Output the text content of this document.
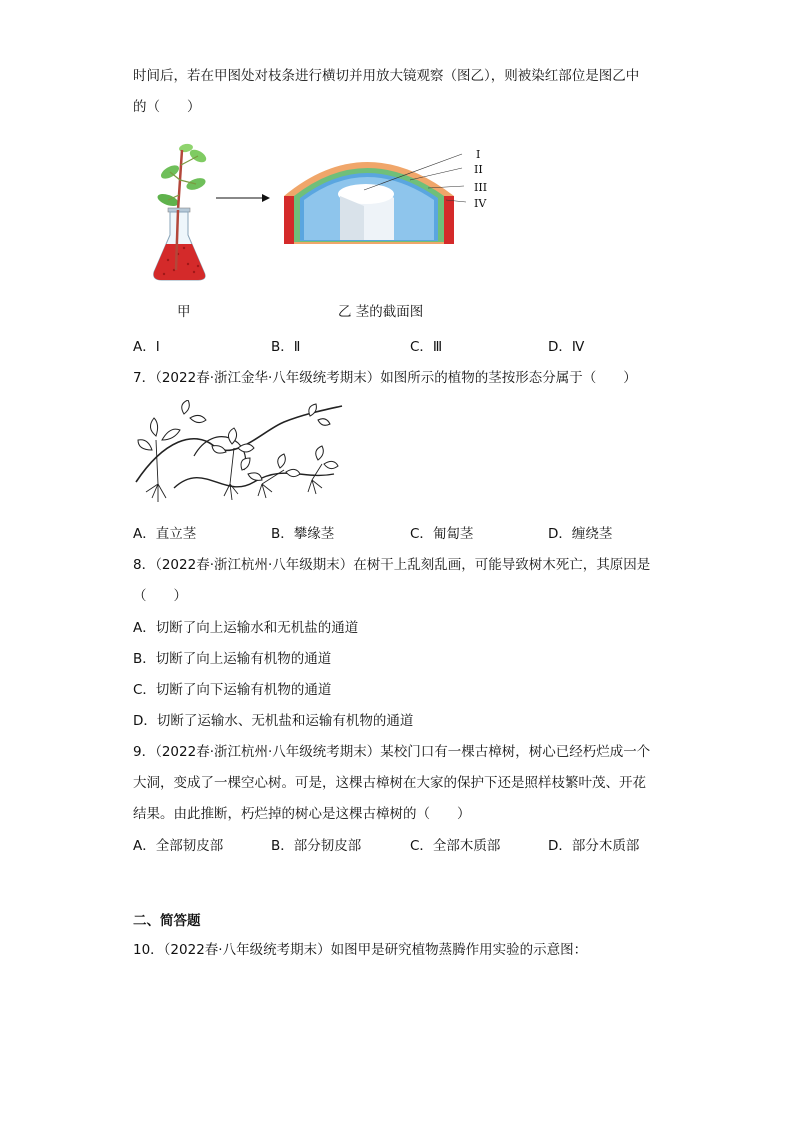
时间后，若在甲图处对枝条进行横切并用放大镜观察（图乙），则被染红部位是图乙中
的（　　）
I
II
III
IV
甲	乙 茎的截面图
A．Ⅰ	B．Ⅱ	C．Ⅲ	D．Ⅳ
7．（2022春·浙江金华·八年级统考期末）如图所示的植物的茎按形态分属于（　　）
A．直立茎	B．攀缘茎	C．匍匐茎	D．缠绕茎
8．（2022春·浙江杭州·八年级期末）在树干上乱刻乱画，可能导致树木死亡，其原因是
（　　）
A．切断了向上运输水和无机盐的通道
B．切断了向上运输有机物的通道
C．切断了向下运输有机物的通道
D．切断了运输水、无机盐和运输有机物的通道
9．（2022春·浙江杭州·八年级统考期末）某校门口有一棵古樟树，树心已经朽烂成一个
大洞，变成了一棵空心树。可是，这棵古樟树在大家的保护下还是照样枝繁叶茂、开花
结果。由此推断，朽烂掉的树心是这棵古樟树的（　　）
A．全部韧皮部	B．部分韧皮部	C．全部木质部	D．部分木质部
二、简答题
10．（2022春·八年级统考期末）如图甲是研究植物蒸腾作用实验的示意图：
